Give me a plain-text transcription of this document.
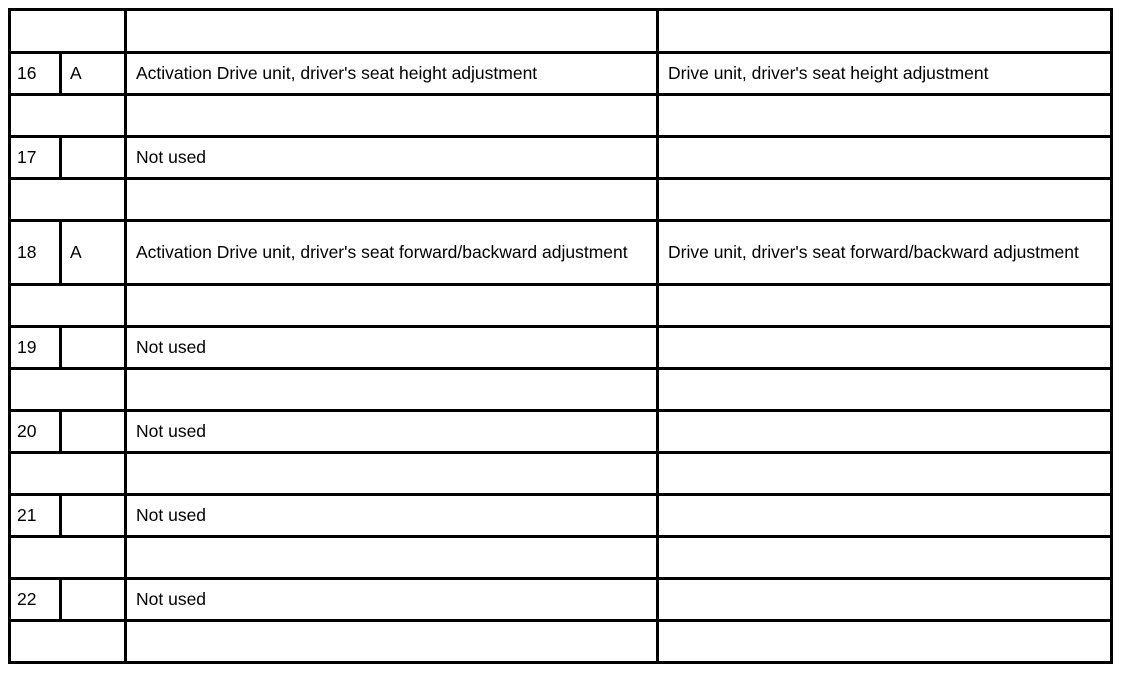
16	A	Activation Drive unit, driver's seat height adjustment	Drive unit, driver's seat height adjustment

17		Not used	

18	A	Activation Drive unit, driver's seat forward/backward adjustment	Drive unit, driver's seat forward/backward adjustment

19		Not used	

20		Not used	

21		Not used	

22		Not used	
